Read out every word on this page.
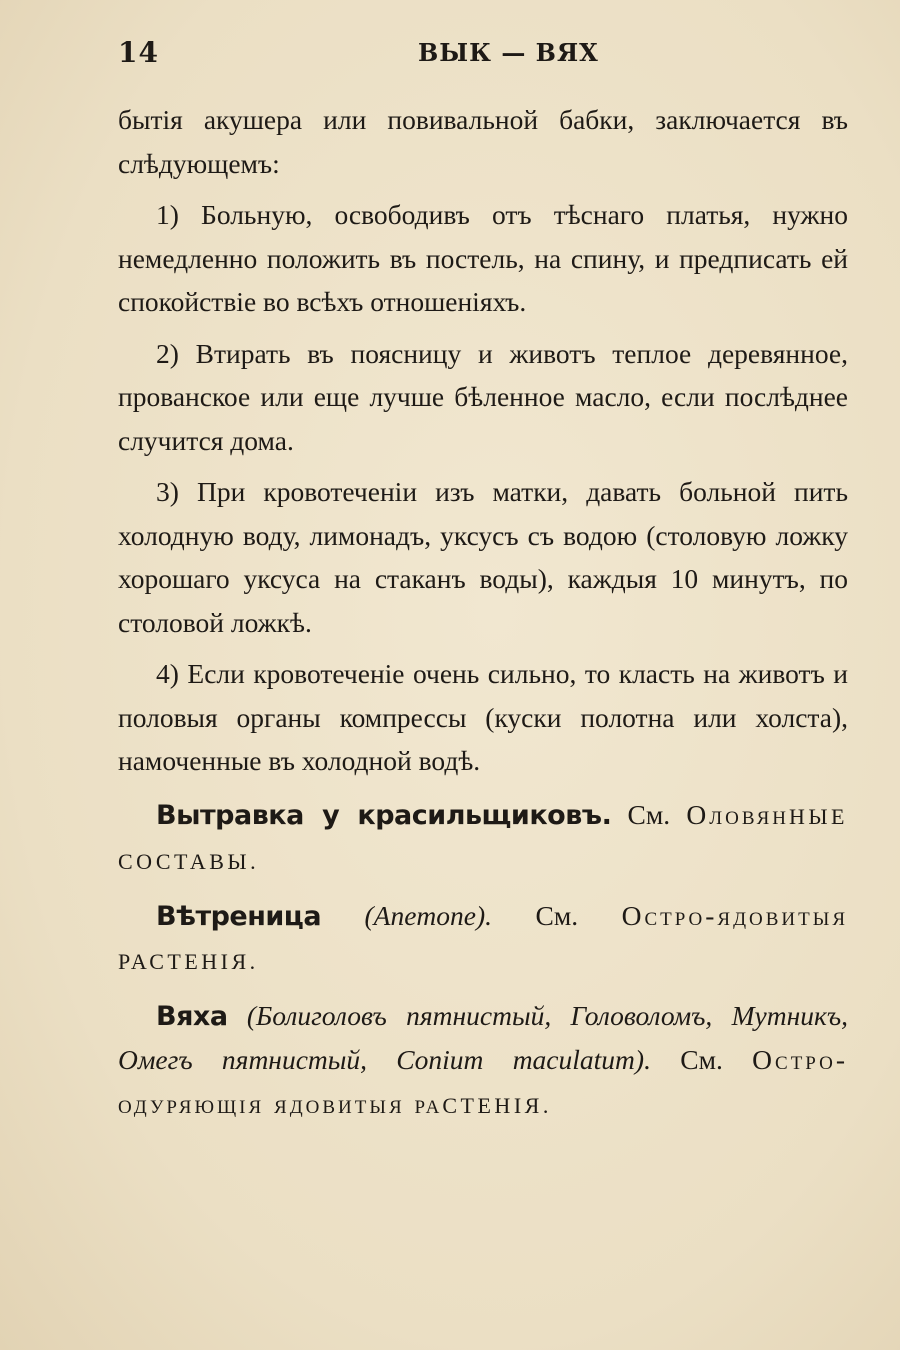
14	ВЫК — ВЯХ

бытія акушера или повивальной бабки, заключается въ слѣдующемъ:

1) Больную, освободивъ отъ тѣснаго платья, нужно немедленно положить въ постель, на спину, и предписать ей спокойствіе во всѣхъ отношеніяхъ.

2) Втирать въ поясницу и животъ теплое деревянное, прованское или еще лучше бѣленное масло, если послѣднее случится дома.

3) При кровотеченіи изъ матки, давать больной пить холодную воду, лимонадъ, уксусъ съ водою (столовую ложку хорошаго уксуса на стаканъ воды), каждыя 10 минутъ, по столовой ложкѣ.

4) Если кровотеченіе очень сильно, то класть на животъ и половыя органы компрессы (куски полотна или холста), намоченные въ холодной водѣ.

Вытравка у красильщиковъ. См. ОловянНЫЕ СОСТАВЫ.

Вѣтреница (Anemone). См. Остро-ядовитыя РАСТЕНІЯ.

Вяха (Болиголовъ пятнистый, Головоломъ, Мутникъ, Омегъ пятнистый, Conium maculatum). См. Остро-одуряющія ядовитыя раСТЕНІЯ.
